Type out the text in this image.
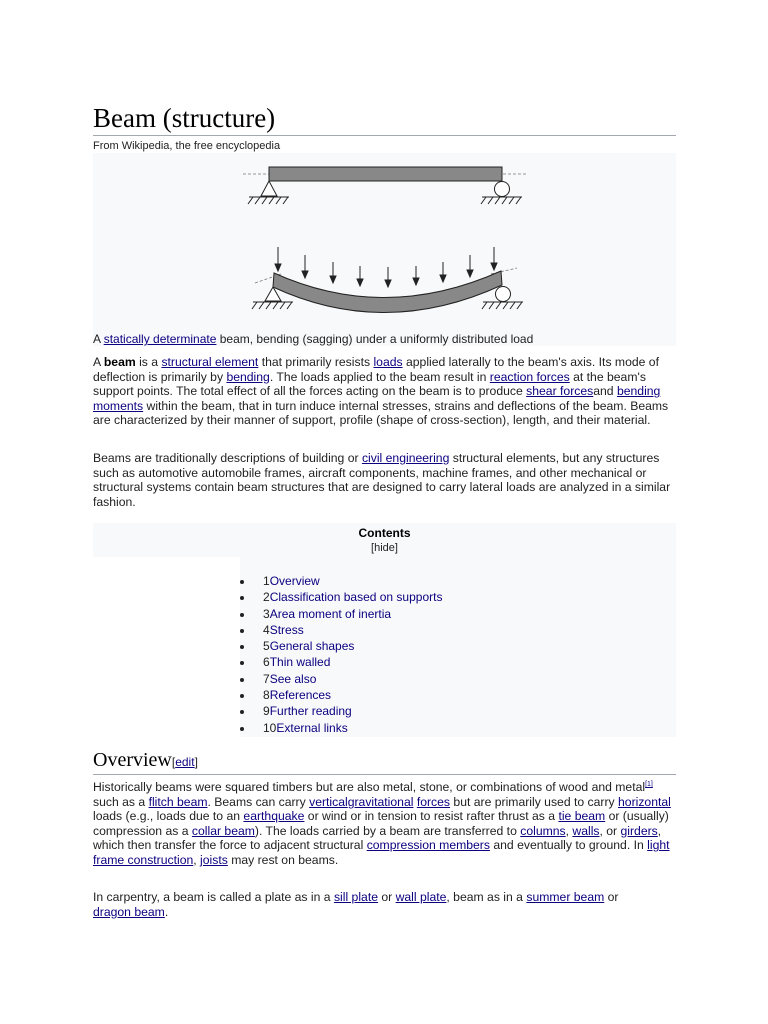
Beam (structure)
From Wikipedia, the free encyclopedia
A statically determinate beam, bending (sagging) under a uniformly distributed load
A beam is a structural element that primarily resists loads applied laterally to the beam's axis. Its mode of deflection is primarily by bending. The loads applied to the beam result in reaction forces at the beam's support points. The total effect of all the forces acting on the beam is to produce shear forcesand bending moments within the beam, that in turn induce internal stresses, strains and deflections of the beam. Beams are characterized by their manner of support, profile (shape of cross-section), length, and their material.
Beams are traditionally descriptions of building or civil engineering structural elements, but any structures such as automotive automobile frames, aircraft components, machine frames, and other mechanical or structural systems contain beam structures that are designed to carry lateral loads are analyzed in a similar fashion.
Contents
[hide]
1Overview
2Classification based on supports
3Area moment of inertia
4Stress
5General shapes
6Thin walled
7See also
8References
9Further reading
10External links
Overview[edit]
Historically beams were squared timbers but are also metal, stone, or combinations of wood and metal[1] such as a flitch beam. Beams can carry verticalgravitational forces but are primarily used to carry horizontal loads (e.g., loads due to an earthquake or wind or in tension to resist rafter thrust as a tie beam or (usually) compression as a collar beam). The loads carried by a beam are transferred to columns, walls, or girders, which then transfer the force to adjacent structural compression members and eventually to ground. In light frame construction, joists may rest on beams.
In carpentry, a beam is called a plate as in a sill plate or wall plate, beam as in a summer beam or dragon beam.
